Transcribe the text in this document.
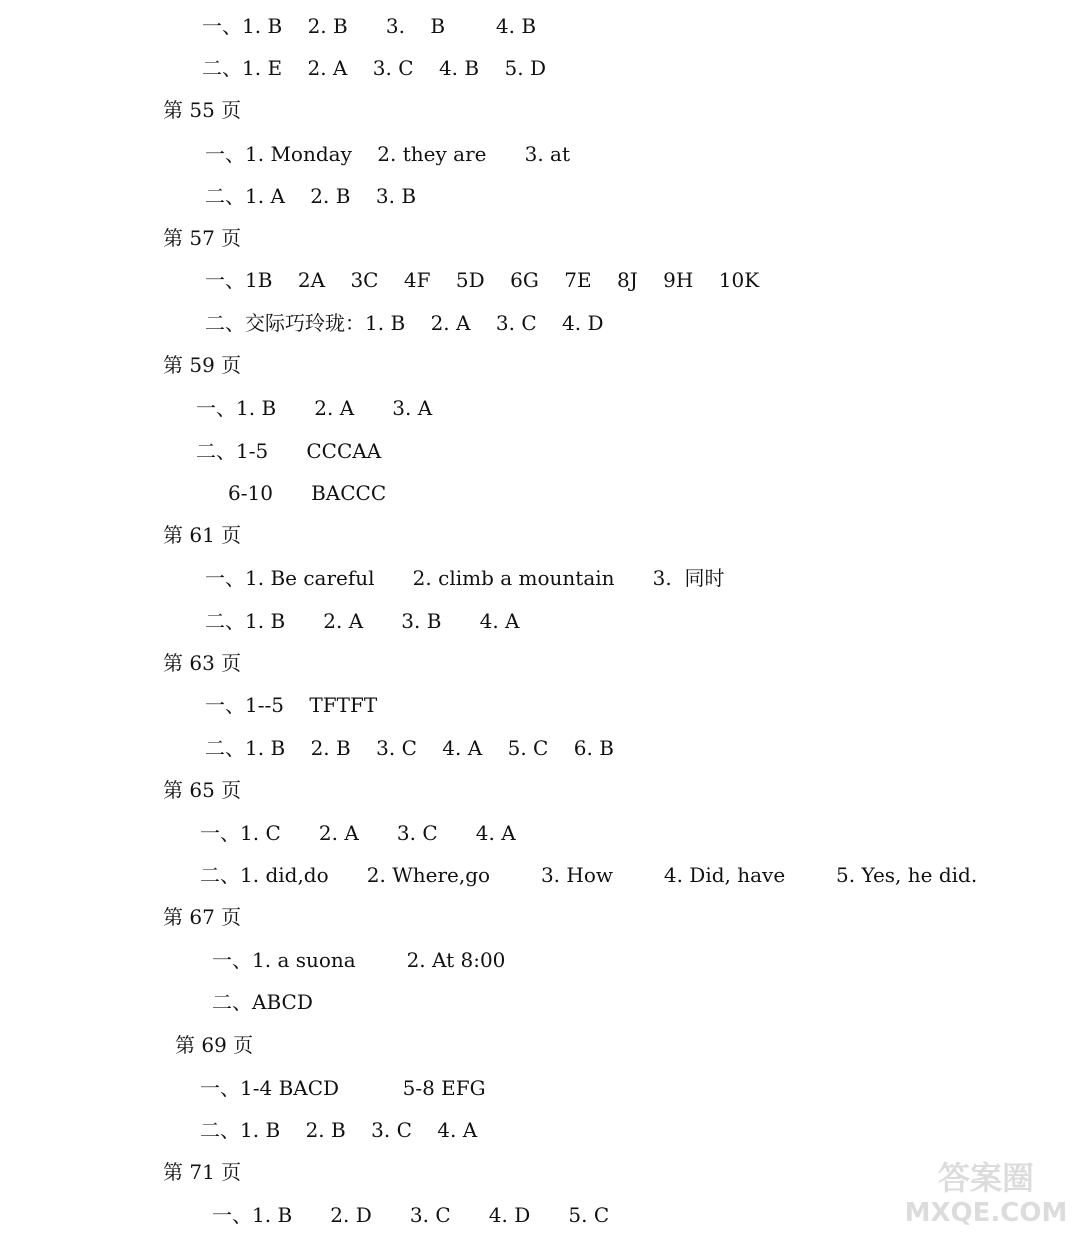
一、1. B    2. B      3.    B        4. B
二、1. E    2. A    3. C    4. B    5. D
第 55 页
一、1. Monday    2. they are      3. at
二、1. A    2. B    3. B
第 57 页
一、1B    2A    3C    4F    5D    6G    7E    8J    9H    10K
二、交际巧玲珑：1. B    2. A    3. C    4. D
第 59 页
一、1. B      2. A      3. A
二、1-5      CCCAA
6-10      BACCC
第 61 页
一、1. Be careful      2. climb a mountain      3.  同时
二、1. B      2. A      3. B      4. A
第 63 页
一、1--5    TFTFT
二、1. B    2. B    3. C    4. A    5. C    6. B
第 65 页
一、1. C      2. A      3. C      4. A
二、1. did,do      2. Where,go        3. How        4. Did, have        5. Yes, he did.
第 67 页
一、1. a suona        2. At 8:00
二、ABCD
第 69 页
一、1-4 BACD          5-8 EFG
二、1. B    2. B    3. C    4. A
第 71 页
一、1. B      2. D      3. C      4. D      5. C
答案圈
MXQE.COM
